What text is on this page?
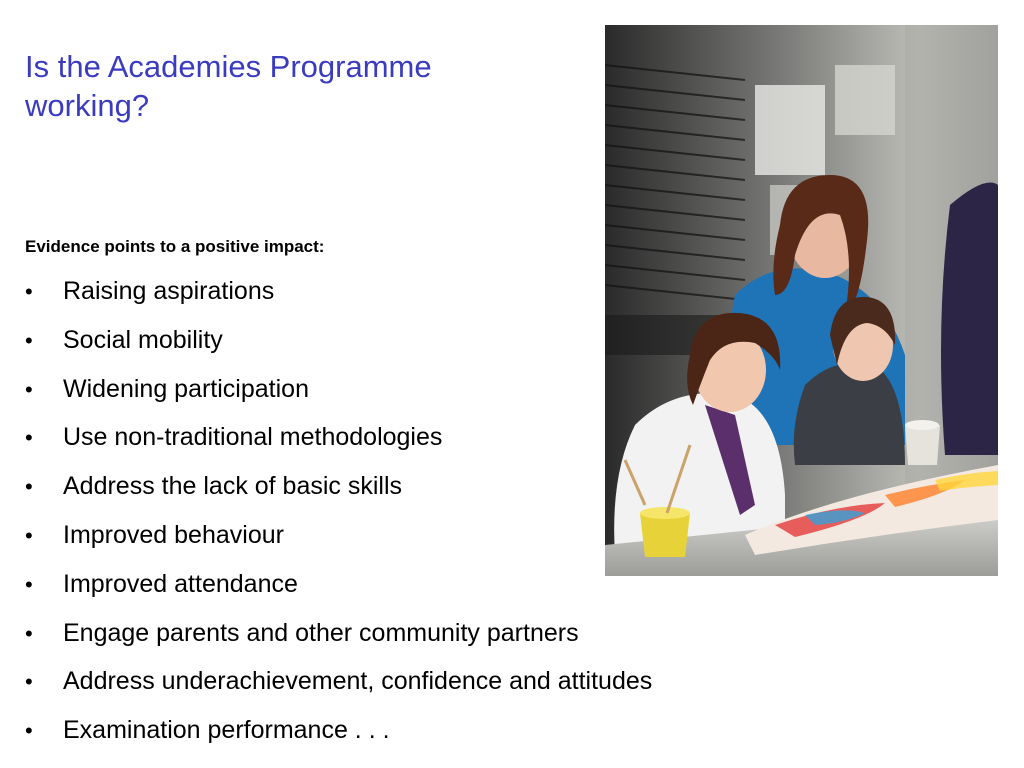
Is the Academies Programme working?

Evidence points to a positive impact:

• Raising aspirations
• Social mobility
• Widening participation
• Use non-traditional methodologies
• Address the lack of basic skills
• Improved behaviour
• Improved attendance
• Engage parents and other community partners
• Address underachievement, confidence and attitudes
• Examination performance . . .
